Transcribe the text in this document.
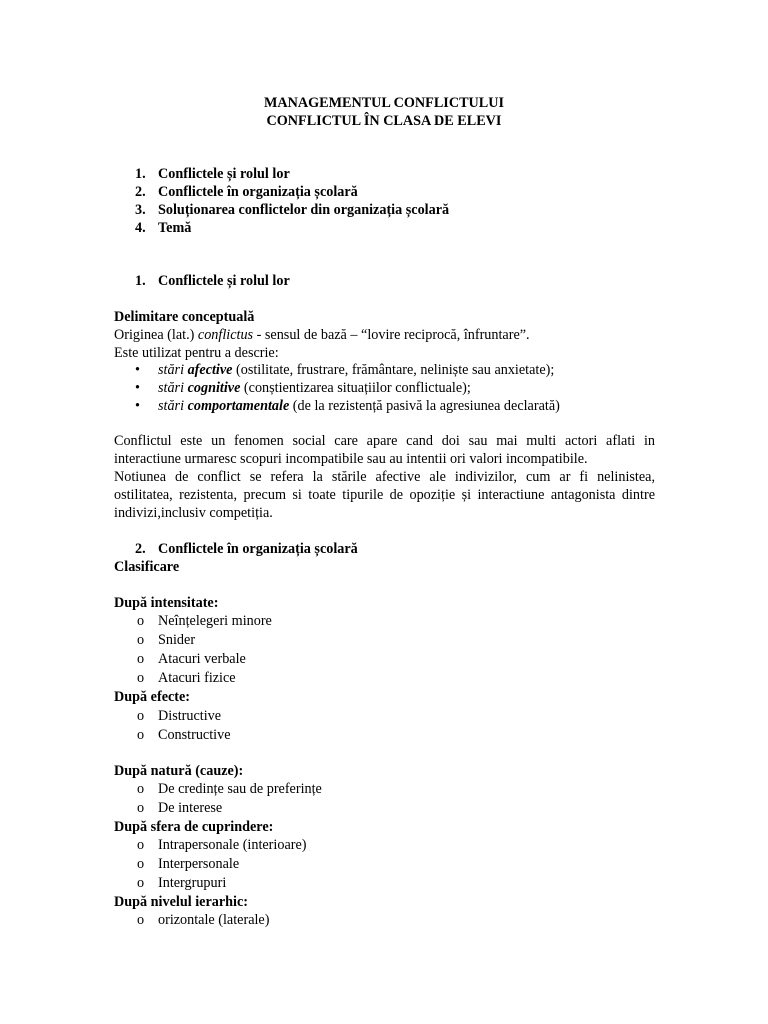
MANAGEMENTUL CONFLICTULUI
CONFLICTUL ÎN CLASA DE ELEVI
1. Conflictele și rolul lor
2. Conflictele în organizația școlară
3. Soluționarea conflictelor din organizația școlară
4. Temă
1. Conflictele și rolul lor
Delimitare conceptuală
Originea (lat.) conflictus - sensul de bază – “lovire reciprocă, înfruntare”.
Este utilizat pentru a descrie:
• stări afective (ostilitate, frustrare, frământare, neliniște sau anxietate);
• stări cognitive (conștientizarea situațiilor conflictuale);
• stări comportamentale (de la rezistență pasivă la agresiunea declarată)
Conflictul este un fenomen social care apare cand doi sau mai multi actori aflati in
interactiune urmaresc scopuri incompatibile sau au intentii ori valori incompatibile.
Notiunea de conflict se refera la stările afective ale indivizilor, cum ar fi nelinistea,
ostilitatea, rezistenta, precum si toate tipurile de opoziție și interactiune antagonista dintre
indivizi,inclusiv competiția.
2. Conflictele în organizația școlară
Clasificare
După intensitate:
o Neînțelegeri minore
o Snider
o Atacuri verbale
o Atacuri fizice
După efecte:
o Distructive
o Constructive
După natură (cauze):
o De credințe sau de preferințe
o De interese
După sfera de cuprindere:
o Intrapersonale (interioare)
o Interpersonale
o Intergrupuri
După nivelul ierarhic:
o orizontale (laterale)
